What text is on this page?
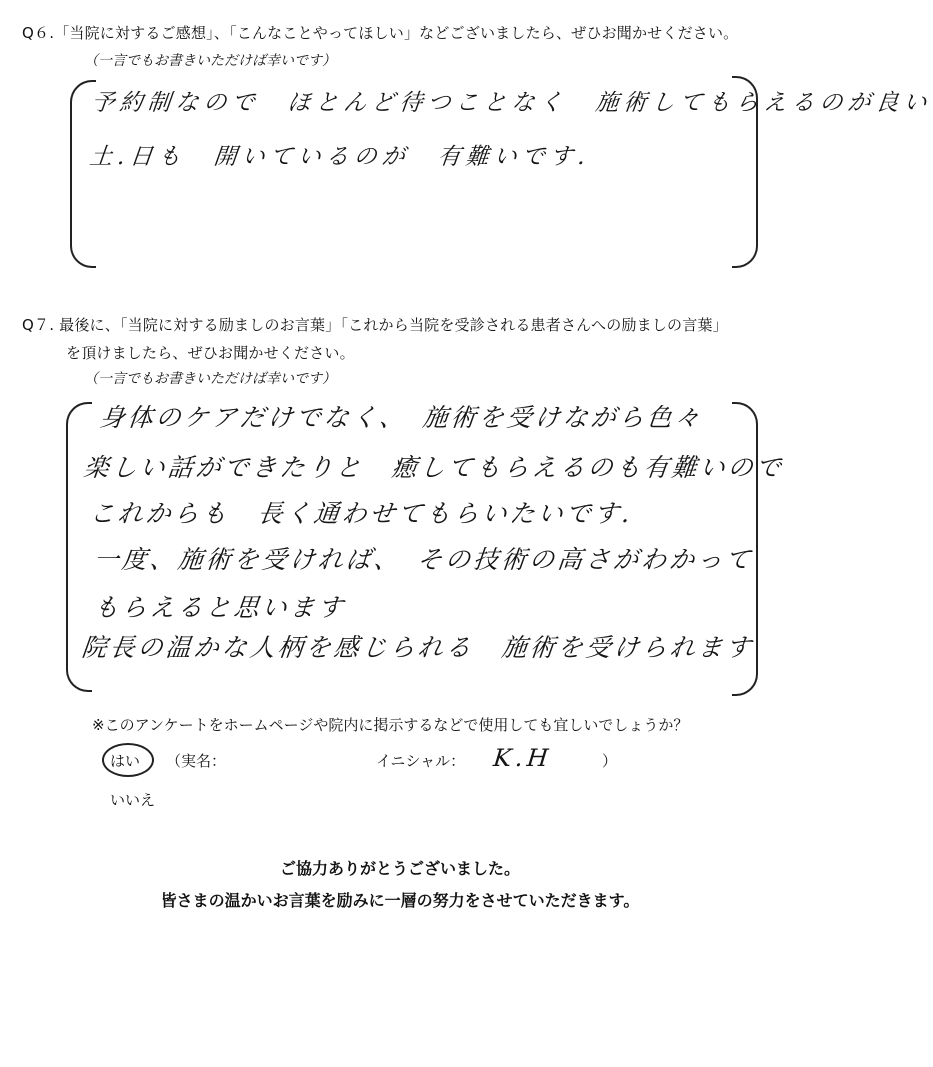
Q６.「当院に対するご感想」、「こんなことやってほしい」などございましたら、ぜひお聞かせください。
（一言でもお書きいただけば幸いです）
予約制なので　ほとんど待つことなく　施術してもらえるのが良い
土.日も　開いているのが　有難いです.
Q７. 最後に、「当院に対する励ましのお言葉」「これから当院を受診される患者さんへの励ましの言葉」
を頂けましたら、ぜひお聞かせください。
（一言でもお書きいただけば幸いです）
身体のケアだけでなく、　施術を受けながら色々
楽しい話ができたりと　癒してもらえるのも有難いので
これからも　長く通わせてもらいたいです.
一度、施術を受ければ、　その技術の高さがわかって
もらえると思います
院長の温かな人柄を感じられる　施術を受けられます
※このアンケートをホームページや院内に掲示するなどで使用しても宜しいでしょうか？
はい （実名：	イニシャル： K.H	）
いいえ
ご協力ありがとうございました。
皆さまの温かいお言葉を励みに一層の努力をさせていただきます。
